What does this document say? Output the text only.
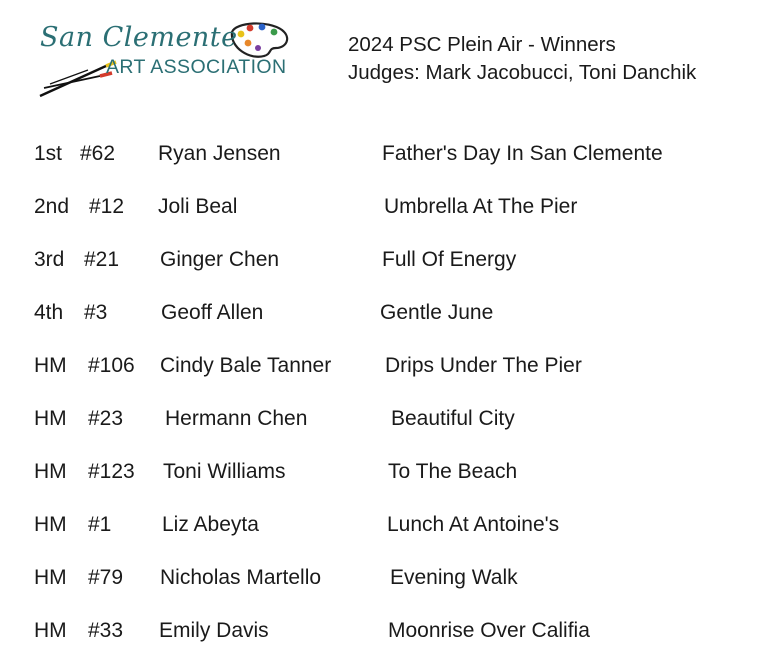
San Clemente
ART ASSOCIATION
2024 PSC Plein Air - Winners
Judges: Mark Jacobucci, Toni Danchik
1st #62 Ryan Jensen	Father's Day In San Clemente
2nd #12 Joli Beal	Umbrella At The Pier
3rd #21 Ginger Chen	Full Of Energy
4th #3	Geoff Allen	Gentle June
HM #106 Cindy Bale Tanner	Drips Under The Pier
HM #23 Hermann Chen	Beautiful City
HM #123 Toni Williams	To The Beach
HM #1 Liz Abeyta	Lunch At Antoine's
HM #79 Nicholas Martello	Evening Walk
HM #33 Emily Davis	Moonrise Over Califia
